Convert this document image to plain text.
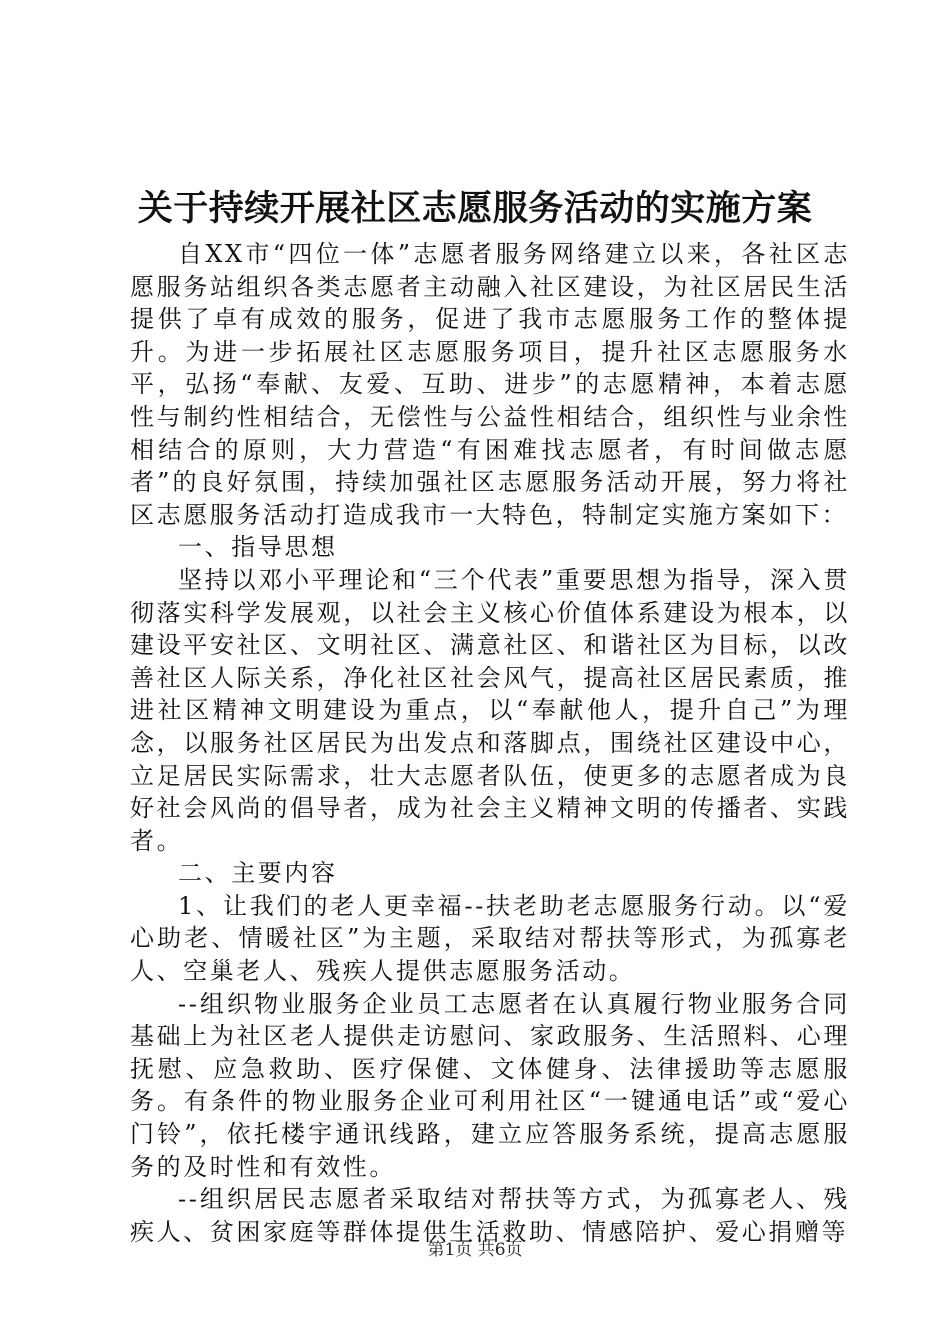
关于持续开展社区志愿服务活动的实施方案

自XX市“四位一体”志愿者服务网络建立以来，各社区志愿服务站组织各类志愿者主动融入社区建设，为社区居民生活提供了卓有成效的服务，促进了我市志愿服务工作的整体提升。为进一步拓展社区志愿服务项目，提升社区志愿服务水平，弘扬“奉献、友爱、互助、进步”的志愿精神，本着志愿性与制约性相结合，无偿性与公益性相结合，组织性与业余性相结合的原则，大力营造“有困难找志愿者，有时间做志愿者”的良好氛围，持续加强社区志愿服务活动开展，努力将社区志愿服务活动打造成我市一大特色，特制定实施方案如下：

一、指导思想

坚持以邓小平理论和“三个代表”重要思想为指导，深入贯彻落实科学发展观，以社会主义核心价值体系建设为根本，以建设平安社区、文明社区、满意社区、和谐社区为目标，以改善社区人际关系，净化社区社会风气，提高社区居民素质，推进社区精神文明建设为重点，以“奉献他人，提升自己”为理念，以服务社区居民为出发点和落脚点，围绕社区建设中心，立足居民实际需求，壮大志愿者队伍，使更多的志愿者成为良好社会风尚的倡导者，成为社会主义精神文明的传播者、实践者。

二、主要内容

1、让我们的老人更幸福--扶老助老志愿服务行动。以“爱心助老、情暖社区”为主题，采取结对帮扶等形式，为孤寡老人、空巢老人、残疾人提供志愿服务活动。

--组织物业服务企业员工志愿者在认真履行物业服务合同基础上为社区老人提供走访慰问、家政服务、生活照料、心理抚慰、应急救助、医疗保健、文体健身、法律援助等志愿服务。有条件的物业服务企业可利用社区“一键通电话”或“爱心门铃”，依托楼宇通讯线路，建立应答服务系统，提高志愿服务的及时性和有效性。

--组织居民志愿者采取结对帮扶等方式，为孤寡老人、残疾人、贫困家庭等群体提供生活救助、情感陪护、爱心捐赠等

第1页 共6页
